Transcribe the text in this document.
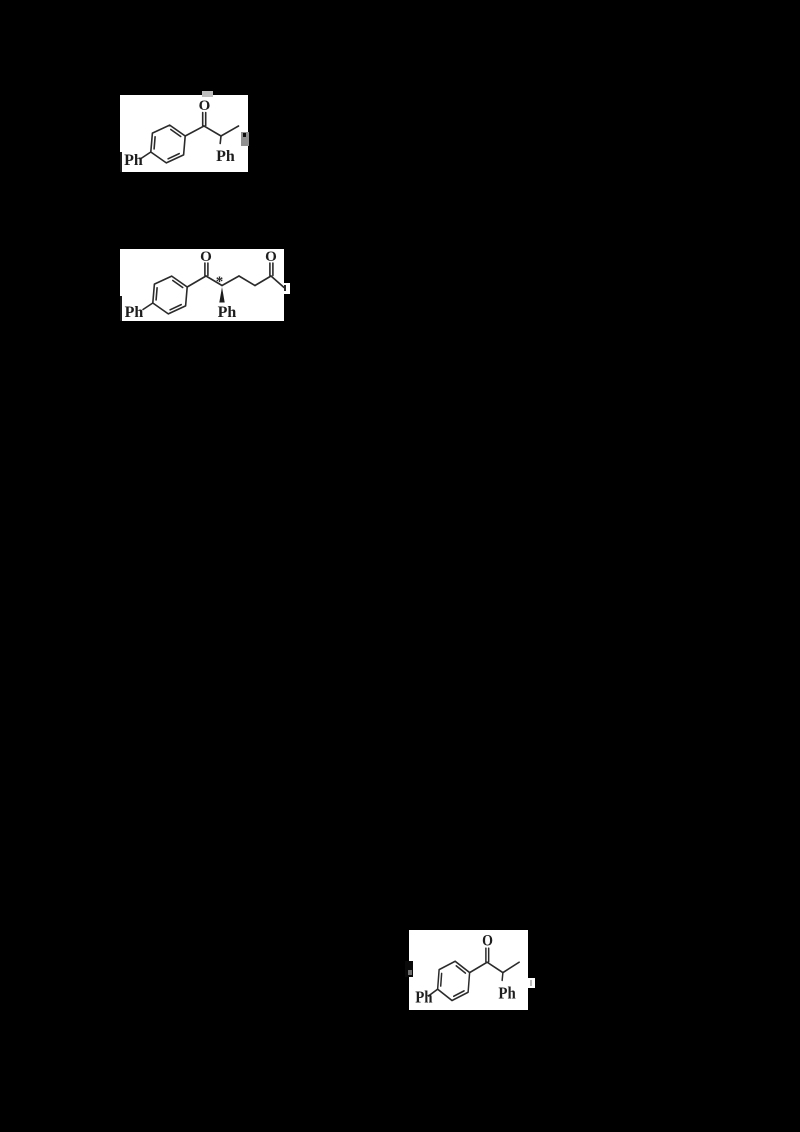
O
Ph	Ph
O	O
*
Ph	Ph
O
Ph	Ph
